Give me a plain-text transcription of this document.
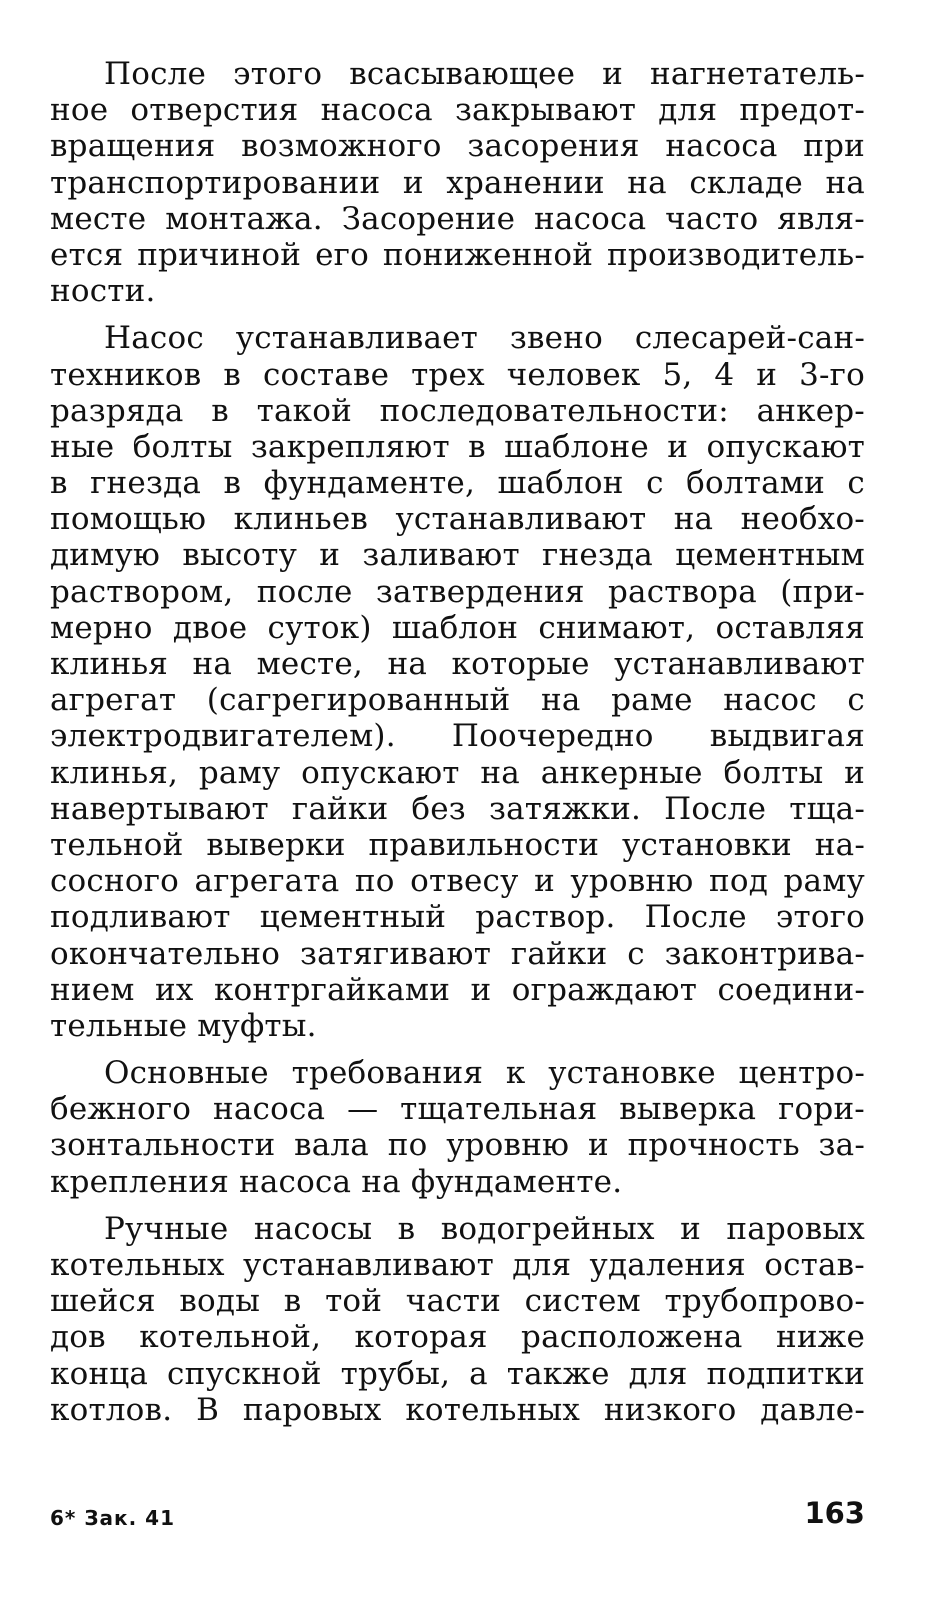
После этого всасывающее и нагнетатель-
ное отверстия насоса закрывают для предот-
вращения возможного засорения насоса при
транспортировании и хранении на складе на
месте монтажа. Засорение насоса часто явля-
ется причиной его пониженной производитель-
ности.
Насос устанавливает звено слесарей-сан-
техников в составе трех человек 5, 4 и 3-го
разряда в такой последовательности: анкер-
ные болты закрепляют в шаблоне и опускают
в гнезда в фундаменте, шаблон с болтами с
помощью клиньев устанавливают на необхо-
димую высоту и заливают гнезда цементным
раствором, после затвердения раствора (при-
мерно двое суток) шаблон снимают, оставляя
клинья на месте, на которые устанавливают
агрегат (сагрегированный на раме насос с
электродвигателем). Поочередно выдвигая
клинья, раму опускают на анкерные болты и
навертывают гайки без затяжки. После тща-
тельной выверки правильности установки на-
сосного агрегата по отвесу и уровню под раму
подливают цементный раствор. После этого
окончательно затягивают гайки с законтрива-
нием их контргайками и ограждают соедини-
тельные муфты.
Основные требования к установке центро-
бежного насоса — тщательная выверка гори-
зонтальности вала по уровню и прочность за-
крепления насоса на фундаменте.
Ручные насосы в водогрейных и паровых
котельных устанавливают для удаления остав-
шейся воды в той части систем трубопрово-
дов котельной, которая расположена ниже
конца спускной трубы, а также для подпитки
котлов. В паровых котельных низкого давле-
6* Зак. 41	163
